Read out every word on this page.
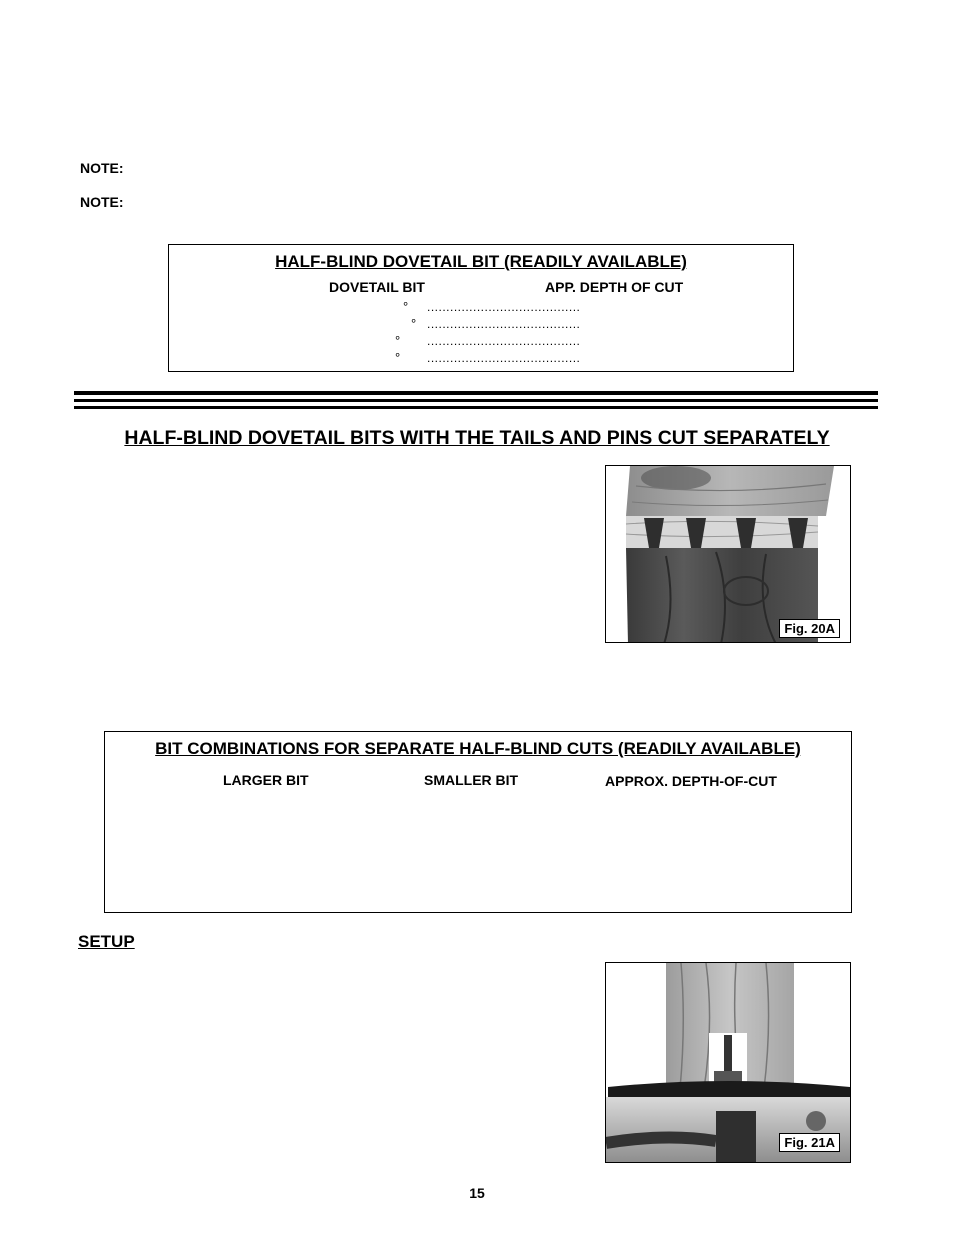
NOTE:
NOTE:
HALF-BLIND DOVETAIL BIT (READILY AVAILABLE)
DOVETAIL BIT	APP. DEPTH OF CUT
° ........................................
° ........................................
° ........................................
° ........................................
HALF-BLIND DOVETAIL BITS WITH THE TAILS AND PINS CUT SEPARATELY
Fig. 20A
BIT COMBINATIONS FOR SEPARATE HALF-BLIND CUTS (READILY AVAILABLE)
LARGER BIT	SMALLER BIT	APPROX. DEPTH-OF-CUT
SETUP
Fig. 21A
15
